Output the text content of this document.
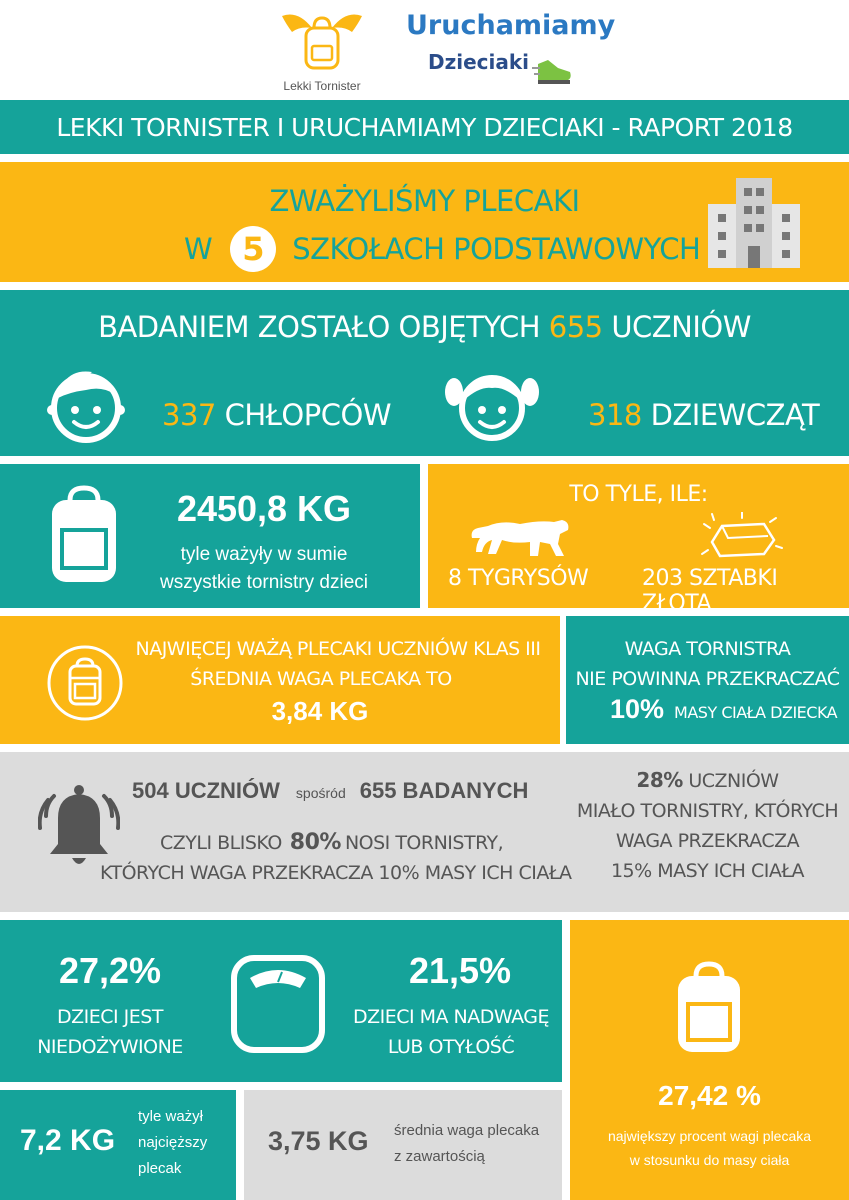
Lekki Tornister
Uruchamiamy
Dzieciaki
LEKKI TORNISTER I URUCHAMIAMY DZIECIAKI - RAPORT 2018
ZWAŻYLIŚMY PLECAKI
W 5 SZKOŁACH PODSTAWOWYCH
BADANIEM ZOSTAŁO OBJĘTYCH 655 UCZNIÓW
337 CHŁOPCÓW	318 DZIEWCZĄT
2450,8 KG
tyle ważyły w sumie
wszystkie tornistry dzieci
TO TYLE, ILE:
8 TYGRYSÓW 203 SZTABKI ZŁOTA
NAJWIĘCEJ WAŻĄ PLECAKI UCZNIÓW KLAS III
ŚREDNIA WAGA PLECAKA TO
3,84 KG
WAGA TORNISTRA
NIE POWINNA PRZEKRACZAĆ
10% MASY CIAŁA DZIECKA
504 UCZNIÓW spośród 655 BADANYCH
CZYLI BLISKO 80% NOSI TORNISTRY,
KTÓRYCH WAGA PRZEKRACZA 10% MASY ICH CIAŁA
28% UCZNIÓW
MIAŁO TORNISTRY, KTÓRYCH
WAGA PRZEKRACZA
15% MASY ICH CIAŁA
27,2%
DZIECI JEST
NIEDOŻYWIONE
21,5%
DZIECI MA NADWAGĘ
LUB OTYŁOŚĆ
27,42 %
największy procent wagi plecaka
w stosunku do masy ciała
7,2 KG
tyle ważył
najcięższy
plecak
3,75 KG średnia waga plecaka
z zawartością
